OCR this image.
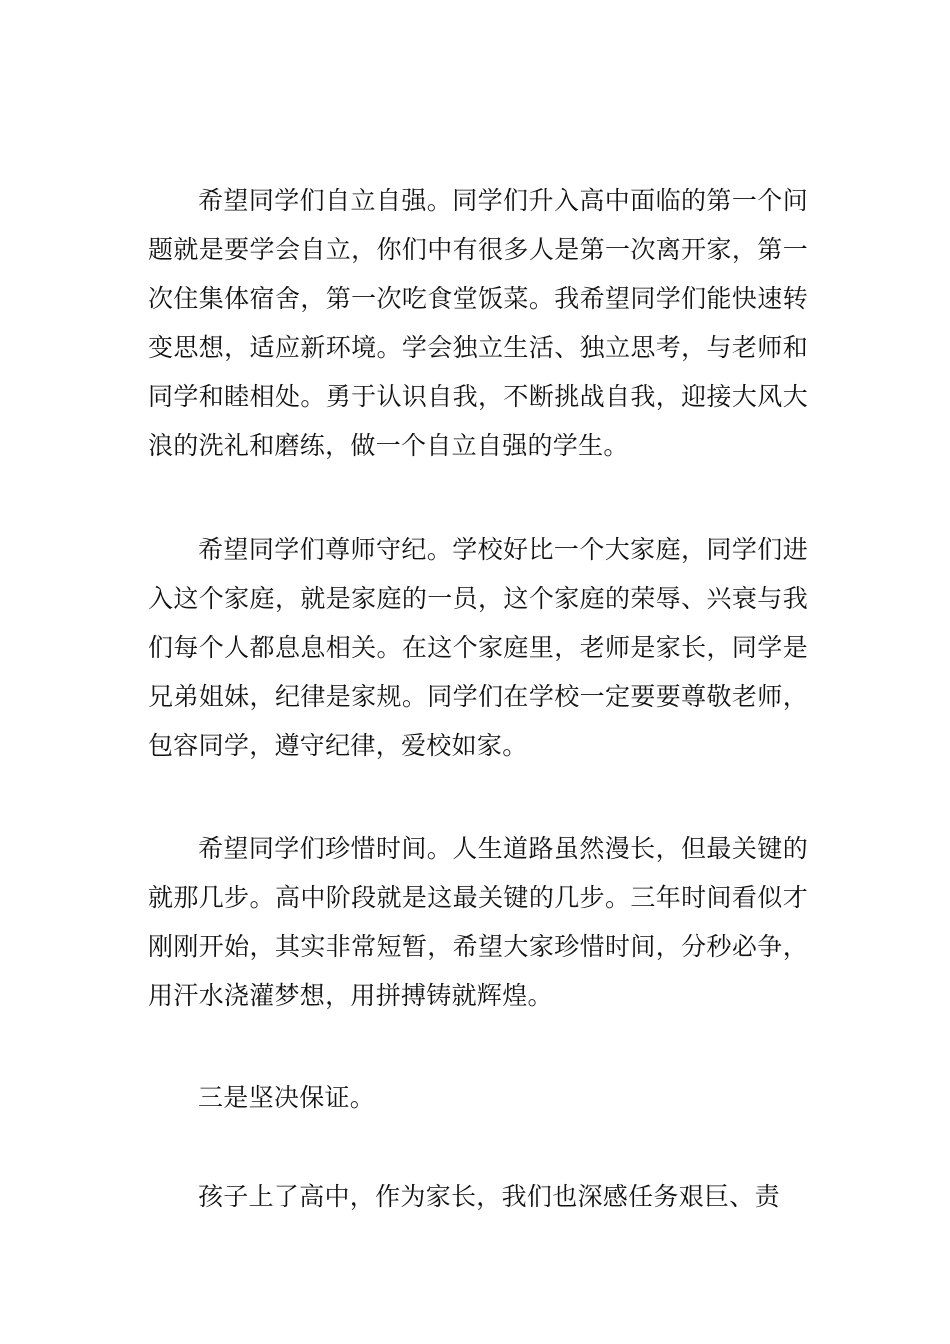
希望同学们自立自强。同学们升入高中面临的第一个问题就是要学会自立，你们中有很多人是第一次离开家，第一次住集体宿舍，第一次吃食堂饭菜。我希望同学们能快速转变思想，适应新环境。学会独立生活、独立思考，与老师和同学和睦相处。勇于认识自我，不断挑战自我，迎接大风大浪的洗礼和磨练，做一个自立自强的学生。

希望同学们尊师守纪。学校好比一个大家庭，同学们进入这个家庭，就是家庭的一员，这个家庭的荣辱、兴衰与我们每个人都息息相关。在这个家庭里，老师是家长，同学是兄弟姐妹，纪律是家规。同学们在学校一定要要尊敬老师，包容同学，遵守纪律，爱校如家。

希望同学们珍惜时间。人生道路虽然漫长，但最关键的就那几步。高中阶段就是这最关键的几步。三年时间看似才刚刚开始，其实非常短暂，希望大家珍惜时间，分秒必争，用汗水浇灌梦想，用拼搏铸就辉煌。

三是坚决保证。

孩子上了高中，作为家长，我们也深感任务艰巨、责
